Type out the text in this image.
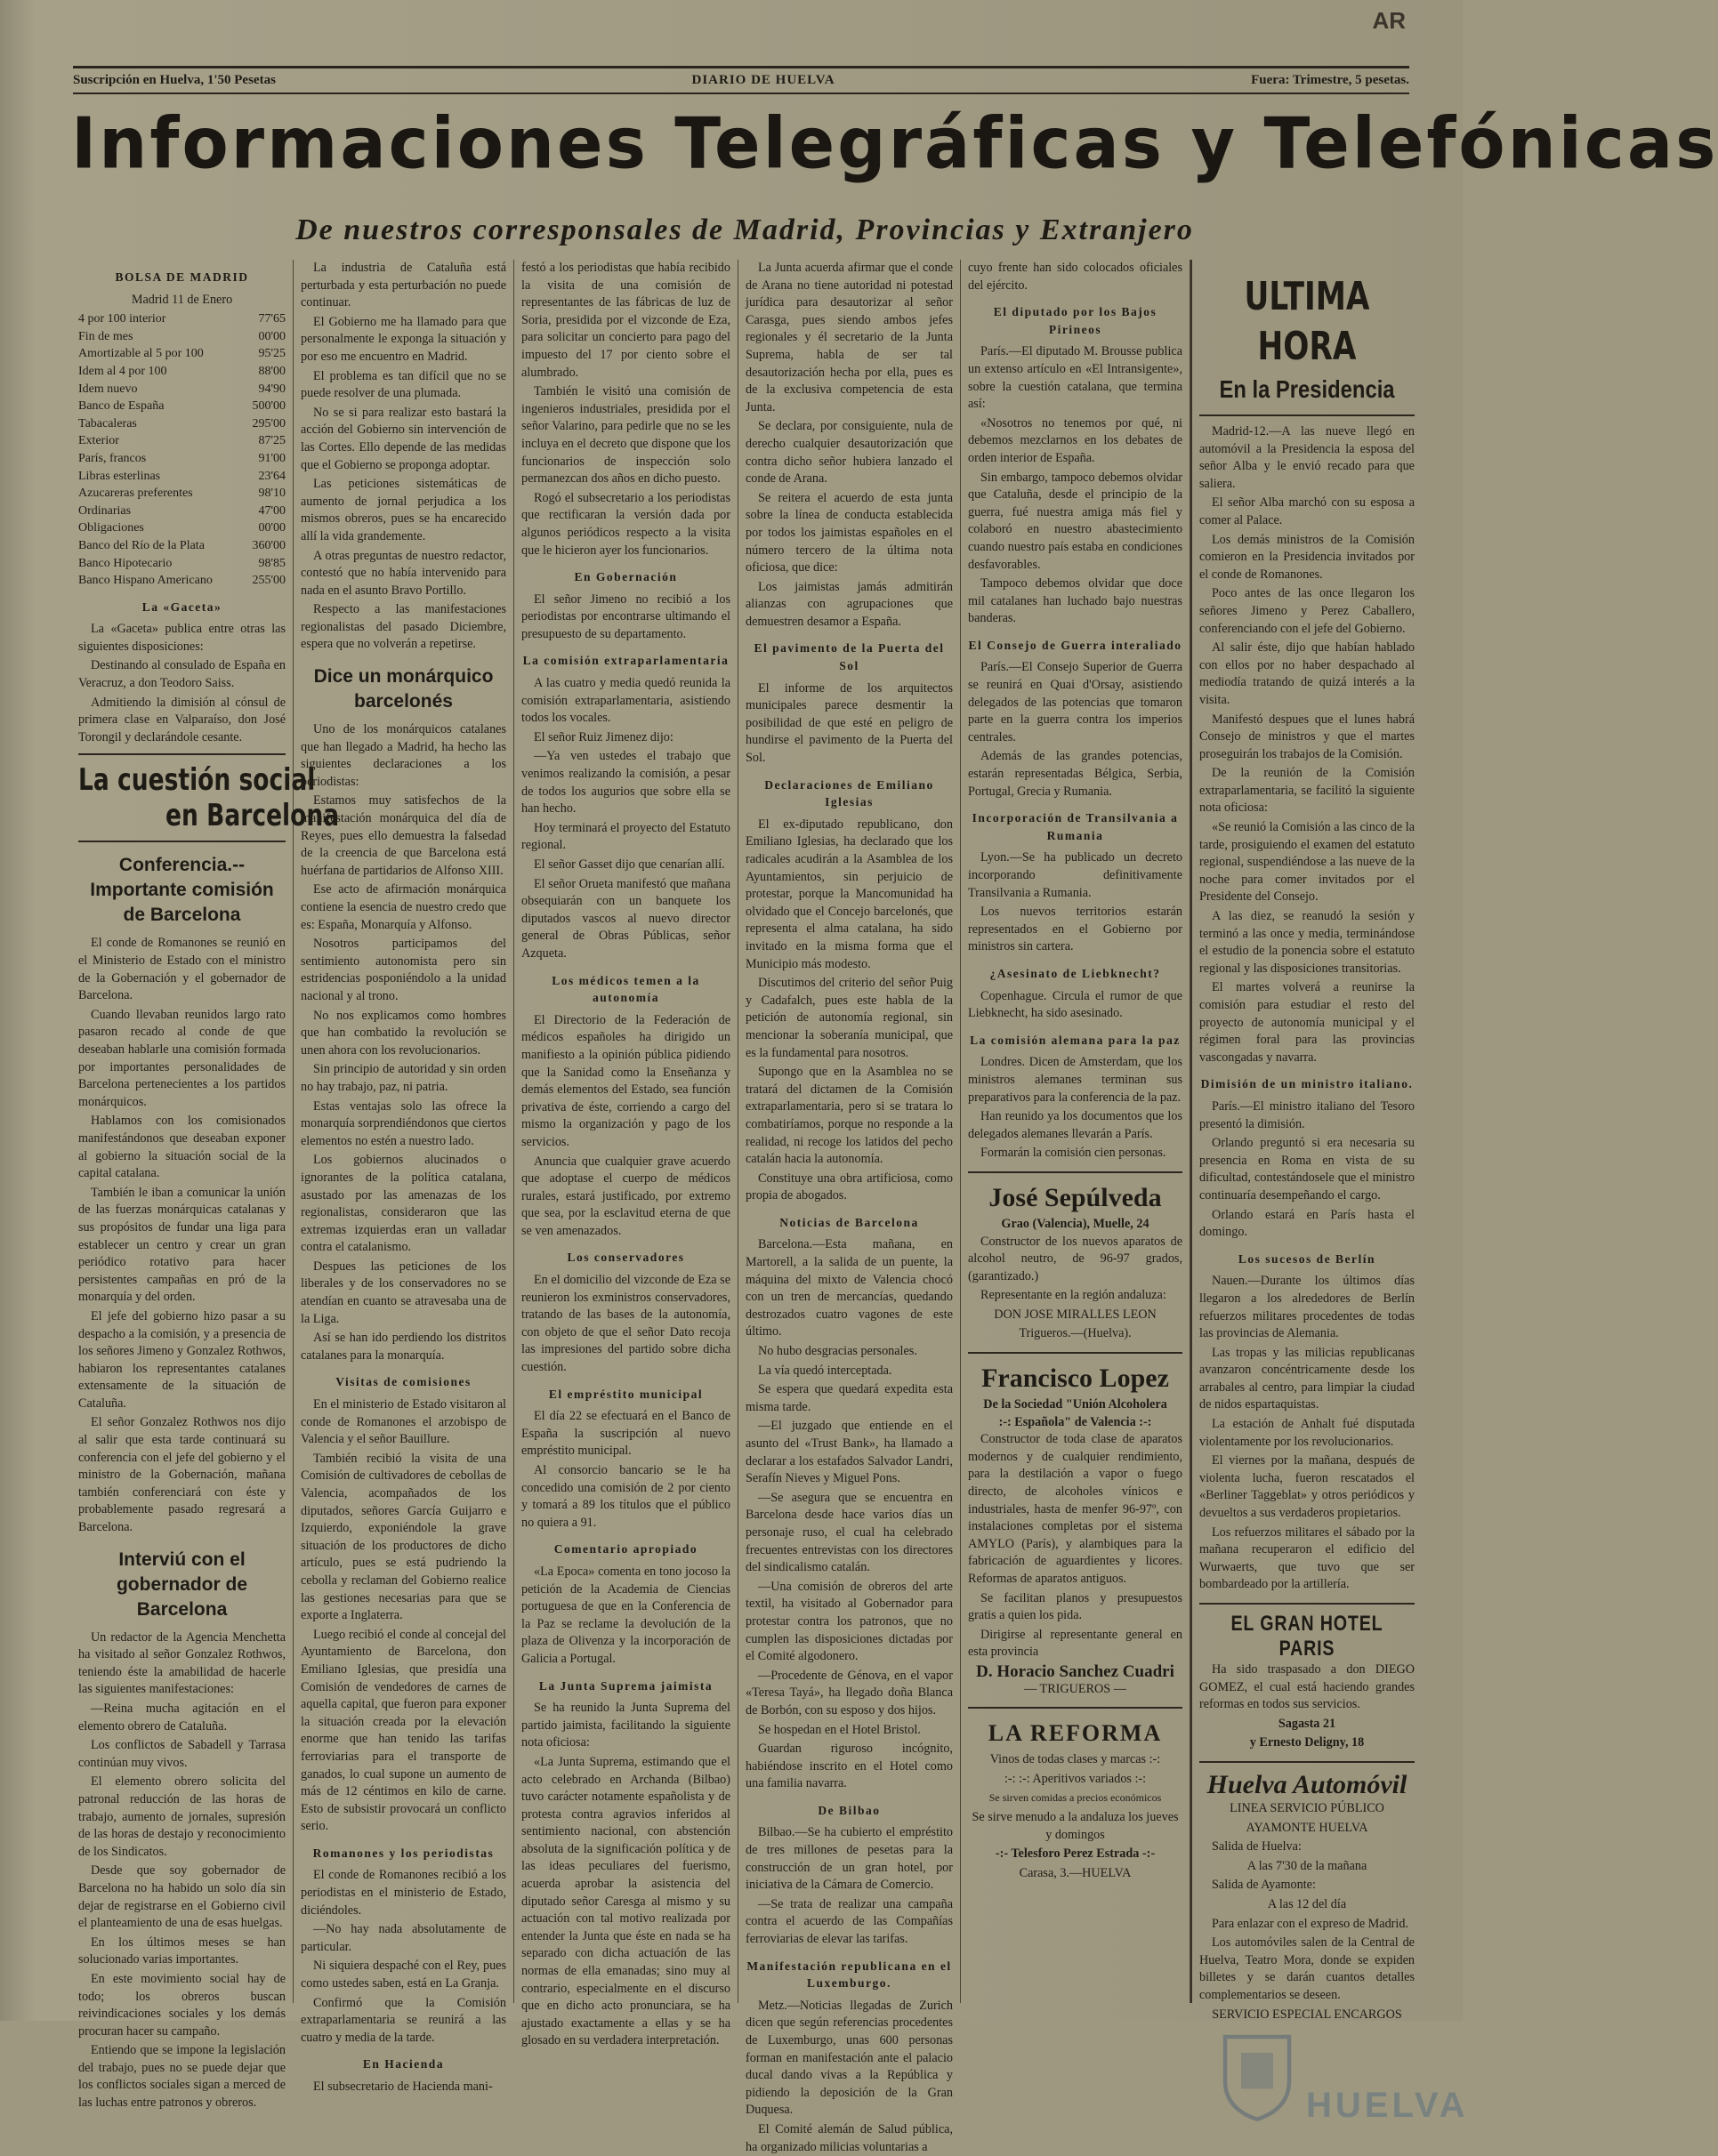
AR
Suscripción en Huelva, 1'50 Pesetas	DIARIO DE HUELVA	Fuera: Trimestre, 5 pesetas.
Informaciones Telegráficas y Telefónicas
De nuestros corresponsales de Madrid, Provincias y Extranjero
BOLSA DE MADRID

Madrid 11 de Enero

4 por 100 interior	77'65
Fin de mes	00'00
Amortizable al 5 por 100	95'25
Idem al 4 por 100	88'00
Idem nuevo	94'90
Banco de España	500'00
Tabacaleras	295'00
Exterior	87'25
París, francos	91'00
Libras esterlinas	23'64
Azucareras preferentes	98'10
Ordinarias	47'00
Obligaciones	00'00
Banco del Río de la Plata	360'00
Banco Hipotecario	98'85
Banco Hispano Americano	255'00
La «Gaceta»

La «Gaceta» publica entre otras las siguientes disposiciones:

Destinando al consulado de España en Veracruz, a don Teodoro Saiss.

Admitiendo la dimisión al cónsul de primera clase en Valparaíso, don José Torongil y declarándole cesante.

La cuestión social
en Barcelona
Conferencia.--Importante comisión de Barcelona

El conde de Romanones se reunió en el Ministerio de Estado con el ministro de la Gobernación y el gobernador de Barcelona.

Cuando llevaban reunidos largo rato pasaron recado al conde de que deseaban hablarle una comisión formada por importantes personalidades de Barcelona pertenecientes a los partidos monárquicos.

Hablamos con los comisionados manifestándonos que deseaban exponer al gobierno la situación social de la capital catalana.

También le iban a comunicar la unión de las fuerzas monárquicas catalanas y sus propósitos de fundar una liga para establecer un centro y crear un gran periódico rotativo para hacer persistentes campañas en pró de la monarquía y del orden.

El jefe del gobierno hizo pasar a su despacho a la comisión, y a presencia de los señores Jimeno y Gonzalez Rothwos, habiaron los representantes catalanes extensamente de la situación de Cataluña.

El señor Gonzalez Rothwos nos dijo al salir que esta tarde continuará su conferencia con el jefe del gobierno y el ministro de la Gobernación, mañana también conferenciará con éste y probablemente pasado regresará a Barcelona.

Interviú con el gobernador de Barcelona

Un redactor de la Agencia Menchetta ha visitado al señor Gonzalez Rothwos, teniendo éste la amabilidad de hacerle las siguientes manifestaciones:

—Reina mucha agitación en el elemento obrero de Cataluña.

Los conflictos de Sabadell y Tarrasa continúan muy vivos.

El elemento obrero solicita del patronal reducción de las horas de trabajo, aumento de jornales, supresión de las horas de destajo y reconocimiento de los Sindicatos.

Desde que soy gobernador de Barcelona no ha habido un solo día sin dejar de registrarse en el Gobierno civil el planteamiento de una de esas huelgas.

En los últimos meses se han solucionado varias importantes.

En este movimiento social hay de todo; los obreros buscan reivindicaciones sociales y los demás procuran hacer su campaño.

Entiendo que se impone la legislación del trabajo, pues no se puede dejar que los conflictos sociales sigan a merced de las luchas entre patronos y obreros.

La industria de Cataluña está perturbada y esta perturbación no puede continuar.

El Gobierno me ha llamado para que personalmente le exponga la situación y por eso me encuentro en Madrid.

El problema es tan difícil que no se puede resolver de una plumada.

No se si para realizar esto bastará la acción del Gobierno sin intervención de las Cortes. Ello depende de las medidas que el Gobierno se proponga adoptar.

Las peticiones sistemáticas de aumento de jornal perjudica a los mismos obreros, pues se ha encarecido allí la vida grandemente.

A otras preguntas de nuestro redactor, contestó que no había intervenido para nada en el asunto Bravo Portillo.

Respecto a las manifestaciones regionalistas del pasado Diciembre, espera que no volverán a repetirse.

Dice un monárquico barcelonés

Uno de los monárquicos catalanes que han llegado a Madrid, ha hecho las siguientes declaraciones a los periodistas:

Estamos muy satisfechos de la manifestación monárquica del día de Reyes, pues ello demuestra la falsedad de la creencia de que Barcelona está huérfana de partidarios de Alfonso XIII.

Ese acto de afirmación monárquica contiene la esencia de nuestro credo que es: España, Monarquía y Alfonso.

Nosotros participamos del sentimiento autonomista pero sin estridencias posponiéndolo a la unidad nacional y al trono.

No nos explicamos como hombres que han combatido la revolución se unen ahora con los revolucionarios.

Sin principio de autoridad y sin orden no hay trabajo, paz, ni patria.

Estas ventajas solo las ofrece la monarquía sorprendiéndonos que ciertos elementos no estén a nuestro lado.

Los gobiernos alucinados o ignorantes de la política catalana, asustado por las amenazas de los regionalistas, consideraron que las extremas izquierdas eran un valladar contra el catalanismo.

Despues las peticiones de los liberales y de los conservadores no se atendían en cuanto se atravesaba una de la Liga.

Así se han ido perdiendo los distritos catalanes para la monarquía.

Visitas de comisiones

En el ministerio de Estado visitaron al conde de Romanones el arzobispo de Valencia y el señor Bauillure.

También recibió la visita de una Comisión de cultivadores de cebollas de Valencia, acompañados de los diputados, señores García Guijarro e Izquierdo, exponiéndole la grave situación de los productores de dicho artículo, pues se está pudriendo la cebolla y reclaman del Gobierno realice las gestiones necesarias para que se exporte a Inglaterra.

Luego recibió el conde al concejal del Ayuntamiento de Barcelona, don Emiliano Iglesias, que presidía una Comisión de vendedores de carnes de aquella capital, que fueron para exponer la situación creada por la elevación enorme que han tenido las tarifas ferroviarias para el transporte de ganados, lo cual supone un aumento de más de 12 céntimos en kilo de carne. Esto de subsistir provocará un conflicto serio.

Romanones y los periodistas

El conde de Romanones recibió a los periodistas en el ministerio de Estado, diciéndoles.

—No hay nada absolutamente de particular.

Ni siquiera despaché con el Rey, pues como ustedes saben, está en La Granja.

Confirmó que la Comisión extraparlamentaria se reunirá a las cuatro y media de la tarde.

En Hacienda

El subsecretario de Hacienda mani-

festó a los periodistas que había recibido la visita de una comisión de representantes de las fábricas de luz de Soria, presidida por el vizconde de Eza, para solicitar un concierto para pago del impuesto del 17 por ciento sobre el alumbrado.

También le visitó una comisión de ingenieros industriales, presidida por el señor Valarino, para pedirle que no se les incluya en el decreto que dispone que los funcionarios de inspección solo permanezcan dos años en dicho puesto.

Rogó el subsecretario a los periodistas que rectificaran la versión dada por algunos periódicos respecto a la visita que le hicieron ayer los funcionarios.

En Gobernación

El señor Jimeno no recibió a los periodistas por encontrarse ultimando el presupuesto de su departamento.

La comisión extraparlamentaria

A las cuatro y media quedó reunida la comisión extraparlamentaria, asistiendo todos los vocales.

El señor Ruiz Jimenez dijo:

—Ya ven ustedes el trabajo que venimos realizando la comisión, a pesar de todos los augurios que sobre ella se han hecho.

Hoy terminará el proyecto del Estatuto regional.

El señor Gasset dijo que cenarían allí.

El señor Orueta manifestó que mañana obsequiarán con un banquete los diputados vascos al nuevo director general de Obras Públicas, señor Azqueta.

Los médicos temen a la autonomía

El Directorio de la Federación de médicos españoles ha dirigido un manifiesto a la opinión pública pidiendo que la Sanidad como la Enseñanza y demás elementos del Estado, sea función privativa de éste, corriendo a cargo del mismo la organización y pago de los servicios.

Anuncia que cualquier grave acuerdo que adoptase el cuerpo de médicos rurales, estará justificado, por extremo que sea, por la esclavitud eterna de que se ven amenazados.

Los conservadores

En el domicilio del vizconde de Eza se reunieron los exministros conservadores, tratando de las bases de la autonomía, con objeto de que el señor Dato recoja las impresiones del partido sobre dicha cuestión.

El empréstito municipal

El día 22 se efectuará en el Banco de España la suscripción al nuevo empréstito municipal.

Al consorcio bancario se le ha concedido una comisión de 2 por ciento y tomará a 89 los títulos que el público no quiera a 91.

Comentario apropiado

«La Epoca» comenta en tono jocoso la petición de la Academia de Ciencias portuguesa de que en la Conferencia de la Paz se reclame la devolución de la plaza de Olivenza y la incorporación de Galicia a Portugal.

La Junta Suprema jaimista

Se ha reunido la Junta Suprema del partido jaimista, facilitando la siguiente nota oficiosa:

«La Junta Suprema, estimando que el acto celebrado en Archanda (Bilbao) tuvo carácter notamente españolista y de protesta contra agravios inferidos al sentimiento nacional, con abstención absoluta de la significación política y de las ideas peculiares del fuerismo, acuerda aprobar la asistencia del diputado señor Caresga al mismo y su actuación con tal motivo realizada por entender la Junta que éste en nada se ha separado con dicha actuación de las normas de ella emanadas; sino muy al contrario, especialmente en el discurso que en dicho acto pronunciara, se ha ajustado exactamente a ellas y se ha glosado en su verdadera interpretación.

La Junta acuerda afirmar que el conde de Arana no tiene autoridad ni potestad jurídica para desautorizar al señor Carasga, pues siendo ambos jefes regionales y él secretario de la Junta Suprema, habla de ser tal desautorización hecha por ella, pues es de la exclusiva competencia de esta Junta.

Se declara, por consiguiente, nula de derecho cualquier desautorización que contra dicho señor hubiera lanzado el conde de Arana.

Se reitera el acuerdo de esta junta sobre la línea de conducta establecida por todos los jaimistas españoles en el número tercero de la última nota oficiosa, que dice:

Los jaimistas jamás admitirán alianzas con agrupaciones que demuestren desamor a España.

El pavimento de la Puerta del Sol

El informe de los arquitectos municipales parece desmentir la posibilidad de que esté en peligro de hundirse el pavimento de la Puerta del Sol.

Declaraciones de Emiliano Iglesias

El ex-diputado republicano, don Emiliano Iglesias, ha declarado que los radicales acudirán a la Asamblea de los Ayuntamientos, sin perjuicio de protestar, porque la Mancomunidad ha olvidado que el Concejo barcelonés, que representa el alma catalana, ha sido invitado en la misma forma que el Municipio más modesto.

Discutimos del criterio del señor Puig y Cadafalch, pues este habla de la petición de autonomía regional, sin mencionar la soberanía municipal, que es la fundamental para nosotros.

Supongo que en la Asamblea no se tratará del dictamen de la Comisión extraparlamentaria, pero si se tratara lo combatiríamos, porque no responde a la realidad, ni recoge los latidos del pecho catalán hacia la autonomía.

Constituye una obra artificiosa, como propia de abogados.

Noticias de Barcelona

Barcelona.—Esta mañana, en Martorell, a la salida de un puente, la máquina del mixto de Valencia chocó con un tren de mercancías, quedando destrozados cuatro vagones de este último.

No hubo desgracias personales.

La vía quedó interceptada.

Se espera que quedará expedita esta misma tarde.

—El juzgado que entiende en el asunto del «Trust Bank», ha llamado a declarar a los estafados Salvador Landri, Serafín Nieves y Miguel Pons.

—Se asegura que se encuentra en Barcelona desde hace varios días un personaje ruso, el cual ha celebrado frecuentes entrevistas con los directores del sindicalismo catalán.

—Una comisión de obreros del arte textil, ha visitado al Gobernador para protestar contra los patronos, que no cumplen las disposiciones dictadas por el Comité algodonero.

—Procedente de Génova, en el vapor «Teresa Tayá», ha llegado doña Blanca de Borbón, con su esposo y dos hijos.

Se hospedan en el Hotel Bristol.

Guardan riguroso incógnito, habiéndose inscrito en el Hotel como una familia navarra.

De Bilbao

Bilbao.—Se ha cubierto el empréstito de tres millones de pesetas para la construcción de un gran hotel, por iniciativa de la Cámara de Comercio.

—Se trata de realizar una campaña contra el acuerdo de las Compañías ferroviarias de elevar las tarifas.

Manifestación republicana en el Luxemburgo.

Metz.—Noticias llegadas de Zurich dicen que según referencias procedentes de Luxemburgo, unas 600 personas forman en manifestación ante el palacio ducal dando vivas a la República y pidiendo la deposición de la Gran Duquesa.

El Comité alemán de Salud pública, ha organizado milicias voluntarias a

cuyo frente han sido colocados oficiales del ejército.

El diputado por los Bajos Pirineos

París.—El diputado M. Brousse publica un extenso artículo en «El Intransigente», sobre la cuestión catalana, que termina así:

«Nosotros no tenemos por qué, ni debemos mezclarnos en los debates de orden interior de España.

Sin embargo, tampoco debemos olvidar que Cataluña, desde el principio de la guerra, fué nuestra amiga más fiel y colaboró en nuestro abastecimiento cuando nuestro país estaba en condiciones desfavorables.

Tampoco debemos olvidar que doce mil catalanes han luchado bajo nuestras banderas.

El Consejo de Guerra interaliado

París.—El Consejo Superior de Guerra se reunirá en Quai d'Orsay, asistiendo delegados de las potencias que tomaron parte en la guerra contra los imperios centrales.

Además de las grandes potencias, estarán representadas Bélgica, Serbia, Portugal, Grecia y Rumania.

Incorporación de Transilvania a Rumania

Lyon.—Se ha publicado un decreto incorporando definitivamente Transilvania a Rumania.

Los nuevos territorios estarán representados en el Gobierno por ministros sin cartera.

¿Asesinato de Liebknecht?

Copenhague. Circula el rumor de que Liebknecht, ha sido asesinado.

La comisión alemana para la paz

Londres. Dicen de Amsterdam, que los ministros alemanes terminan sus preparativos para la conferencia de la paz.

Han reunido ya los documentos que los delegados alemanes llevarán a París.

Formarán la comisión cien personas.

José Sepúlveda
Grao (Valencia), Muelle, 24

Constructor de los nuevos aparatos de alcohol neutro, de 96-97 grados, (garantizado.)

Representante en la región andaluza:

DON JOSE MIRALLES LEON

Trigueros.—(Huelva).

Francisco Lopez
De la Sociedad "Unión Alcoholera
:-: Española" de Valencia :-:

Constructor de toda clase de aparatos modernos y de cualquier rendimiento, para la destilación a vapor o fuego directo, de alcoholes vínicos e industriales, hasta de menfer 96-97º, con instalaciones completas por el sistema AMYLO (París), y alambiques para la fabricación de aguardientes y licores. Reformas de aparatos antiguos.

Se facilitan planos y presupuestos gratis a quien los pida.

Dirigirse al representante general en esta provincia

D. Horacio Sanchez Cuadri

— TRIGUEROS —

LA REFORMA

Vinos de todas clases y marcas :-:

:-: :-: Aperitivos variados :-:

Se sirven comidas a precios económicos

Se sirve menudo a la andaluza los jueves y domingos

-:- Telesforo Perez Estrada -:-

Carasa, 3.—HUELVA

ULTIMA HORA
En la Presidencia

Madrid-12.—A las nueve llegó en automóvil a la Presidencia la esposa del señor Alba y le envió recado para que saliera.

El señor Alba marchó con su esposa a comer al Palace.

Los demás ministros de la Comisión comieron en la Presidencia invitados por el conde de Romanones.

Poco antes de las once llegaron los señores Jimeno y Perez Caballero, conferenciando con el jefe del Gobierno.

Al salir éste, dijo que habían hablado con ellos por no haber despachado al mediodía tratando de quizá interés a la visita.

Manifestó despues que el lunes habrá Consejo de ministros y que el martes proseguirán los trabajos de la Comisión.

De la reunión de la Comisión extraparlamentaria, se facilitó la siguiente nota oficiosa:

«Se reunió la Comisión a las cinco de la tarde, prosiguiendo el examen del estatuto regional, suspendiéndose a las nueve de la noche para comer invitados por el Presidente del Consejo.

A las diez, se reanudó la sesión y terminó a las once y media, terminándose el estudio de la ponencia sobre el estatuto regional y las disposiciones transitorias.

El martes volverá a reunirse la comisión para estudiar el resto del proyecto de autonomía municipal y el régimen foral para las provincias vascongadas y navarra.

Dimisión de un ministro italiano.

París.—El ministro italiano del Tesoro presentó la dimisión.

Orlando preguntó si era necesaria su presencia en Roma en vista de su dificultad, contestándosele que el ministro continuaría desempeñando el cargo.

Orlando estará en París hasta el domingo.

Los sucesos de Berlín

Nauen.—Durante los últimos días llegaron a los alrededores de Berlín refuerzos militares procedentes de todas las provincias de Alemania.

Las tropas y las milicias republicanas avanzaron concéntricamente desde los arrabales al centro, para limpiar la ciudad de nidos espartaquistas.

La estación de Anhalt fué disputada violentamente por los revolucionarios.

El viernes por la mañana, después de violenta lucha, fueron rescatados el «Berliner Taggeblat» y otros periódicos y devueltos a sus verdaderos propietarios.

Los refuerzos militares el sábado por la mañana recuperaron el edificio del Wurwaerts, que tuvo que ser bombardeado por la artillería.

EL GRAN HOTEL PARIS

Ha sido traspasado a don DIEGO GOMEZ, el cual está haciendo grandes reformas en todos sus servicios.

Sagasta 21

y Ernesto Deligny, 18

Huelva Automóvil

LINEA SERVICIO PÚBLICO

AYAMONTE HUELVA

Salida de Huelva:

A las 7'30 de la mañana

Salida de Ayamonte:

A las 12 del día

Para enlazar con el expreso de Madrid.

Los automóviles salen de la Central de Huelva, Teatro Mora, donde se expiden billetes y se darán cuantos detalles complementarios se deseen.

SERVICIO ESPECIAL ENCARGOS

HUELVA
